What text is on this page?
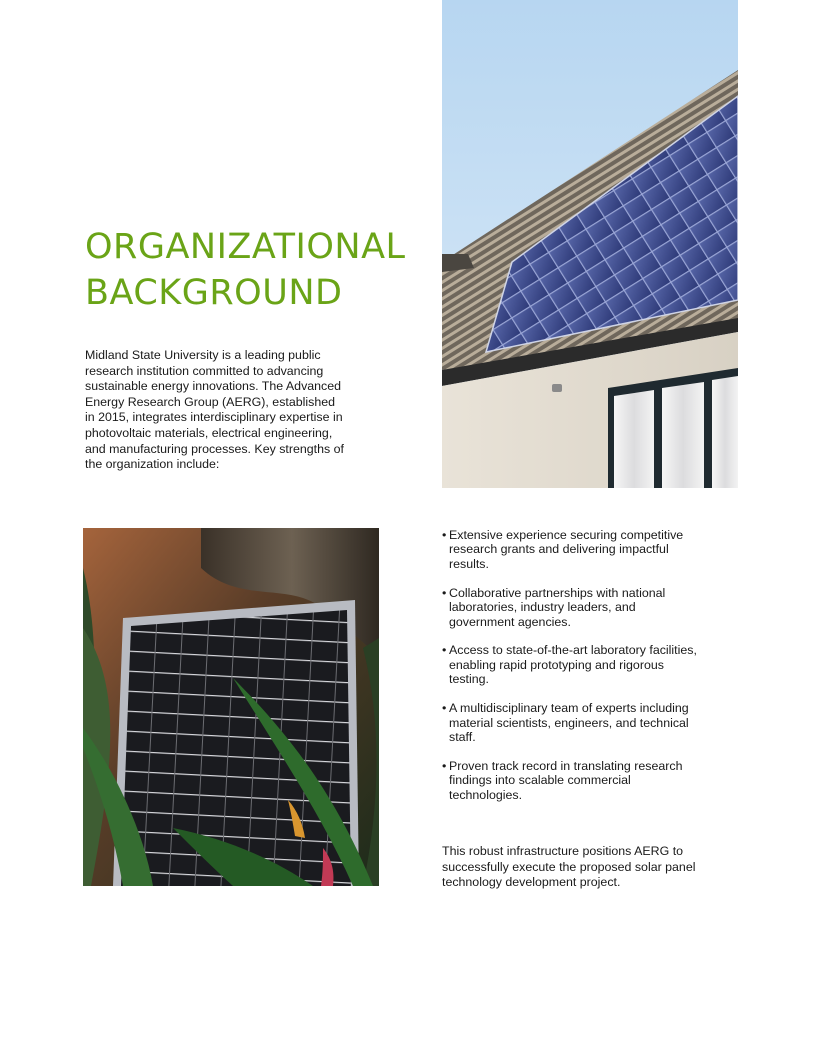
ORGANIZATIONAL
BACKGROUND

Midland State University is a leading public research institution committed to advancing sustainable energy innovations. The Advanced Energy Research Group (AERG), established in 2015, integrates interdisciplinary expertise in photovoltaic materials, electrical engineering, and manufacturing processes. Key strengths of the organization include:

• Extensive experience securing competitive research grants and delivering impactful results.
• Collaborative partnerships with national laboratories, industry leaders, and government agencies.
• Access to state-of-the-art laboratory facilities, enabling rapid prototyping and rigorous testing.
• A multidisciplinary team of experts including material scientists, engineers, and technical staff.
• Proven track record in translating research findings into scalable commercial technologies.

This robust infrastructure positions AERG to successfully execute the proposed solar panel technology development project.
